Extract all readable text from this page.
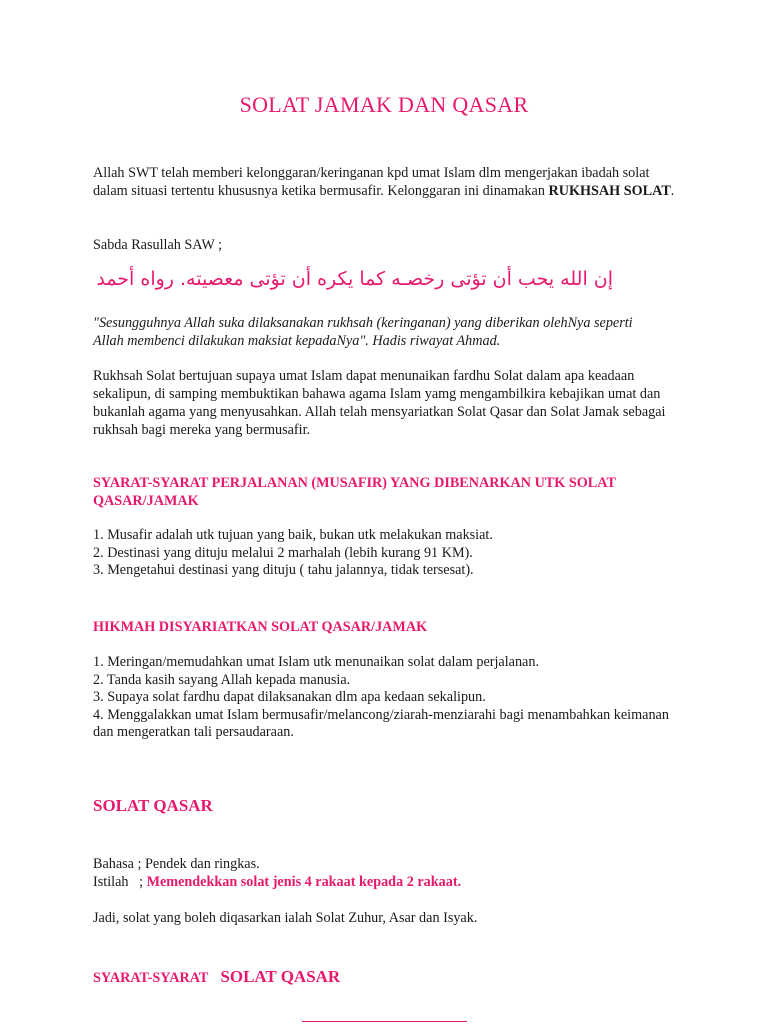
SOLAT JAMAK DAN QASAR

Allah SWT telah memberi kelonggaran/keringanan kpd umat Islam dlm mengerjakan ibadah solat dalam situasi tertentu khususnya ketika bermusafir. Kelonggaran ini dinamakan RUKHSAH SOLAT.

Sabda Rasullah SAW ;

إن الله يحب أن تؤتى رخصـه كما يكره أن تؤتى معصيته. رواه أحمد

"Sesungguhnya Allah suka dilaksanakan rukhsah (keringanan) yang diberikan olehNya seperti Allah membenci dilakukan maksiat kepadaNya". Hadis riwayat Ahmad.

Rukhsah Solat bertujuan supaya umat Islam dapat menunaikan fardhu Solat dalam apa keadaan sekalipun, di samping membuktikan bahawa agama Islam yamg mengambilkira kebajikan umat dan bukanlah agama yang menyusahkan. Allah telah mensyariatkan Solat Qasar dan Solat Jamak sebagai rukhsah bagi mereka yang bermusafir.

SYARAT-SYARAT PERJALANAN (MUSAFIR) YANG DIBENARKAN UTK SOLAT QASAR/JAMAK
1. Musafir adalah utk tujuan yang baik, bukan utk melakukan maksiat.
2. Destinasi yang dituju melalui 2 marhalah (lebih kurang 91 KM).
3. Mengetahui destinasi yang dituju ( tahu jalannya, tidak tersesat).
HIKMAH DISYARIATKAN SOLAT QASAR/JAMAK
1. Meringan/memudahkan umat Islam utk menunaikan solat dalam perjalanan.
2. Tanda kasih sayang Allah kepada manusia.
3. Supaya solat fardhu dapat dilaksanakan dlm apa kedaan sekalipun.
4. Menggalakkan umat Islam bermusafir/melancong/ziarah-menziarahi bagi menambahkan keimanan dan mengeratkan tali persaudaraan.
SOLAT QASAR

Bahasa ; Pendek dan ringkas.

Istilah   ; Memendekkan solat jenis 4 rakaat kepada 2 rakaat.

Jadi, solat yang boleh diqasarkan ialah Solat Zuhur, Asar dan Isyak.

SYARAT-SYARAT SOLAT QASAR
